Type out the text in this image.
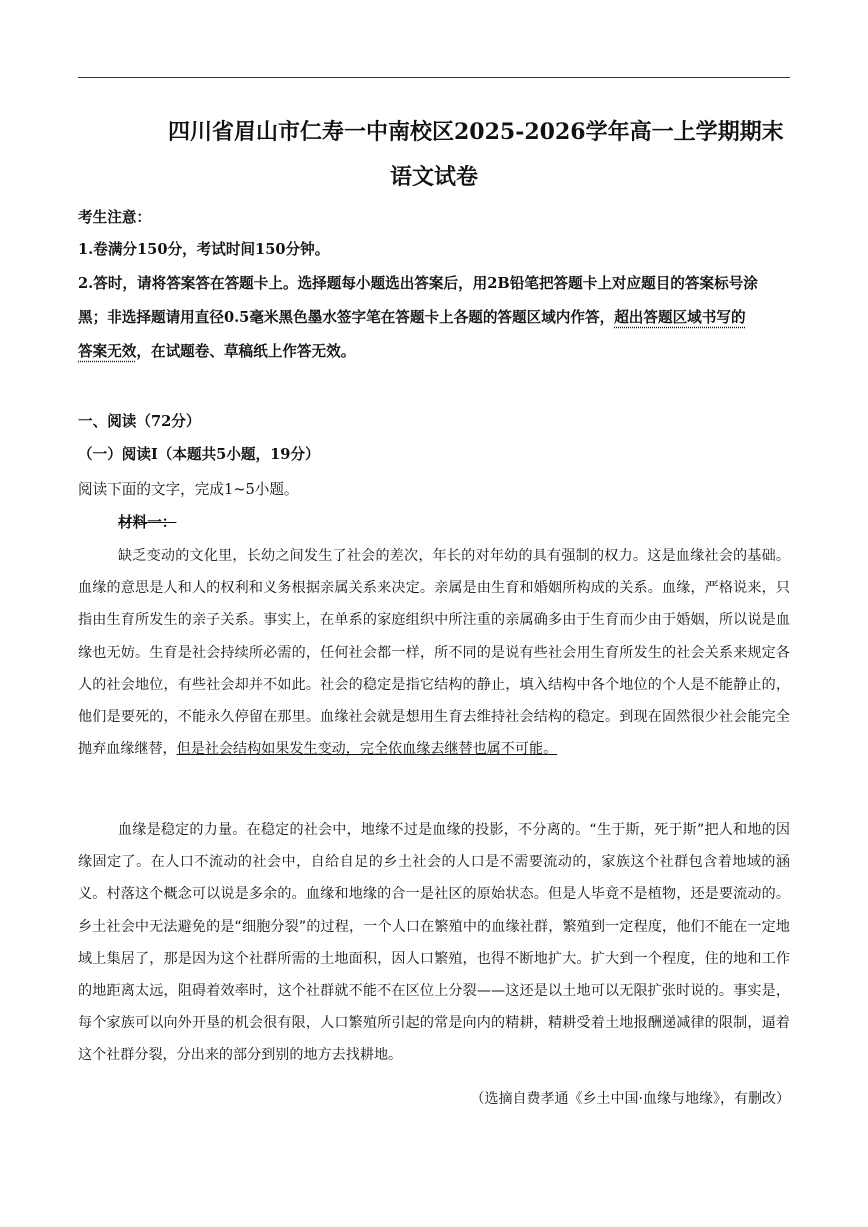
四川省眉山市仁寿一中南校区2025-2026学年高一上学期期末
语文试卷

考生注意：

1.卷满分150分，考试时间150分钟。

2.答时，请将答案答在答题卡上。选择题每小题选出答案后，用2B铅笔把答题卡上对应题目的答案标号涂

黑；非选择题请用直径0.5毫米黑色墨水签字笔在答题卡上各题的答题区域内作答，超出答题区域书写的

答案无效，在试题卷、草稿纸上作答无效。

一、阅读（72分）

（一）阅读Ⅰ（本题共5小题，19分）

阅读下面的文字，完成1~5小题。

材料一：

缺乏变动的文化里，长幼之间发生了社会的差次，年长的对年幼的具有强制的权力。这是血缘社会的基础。血缘的意思是人和人的权利和义务根据亲属关系来决定。亲属是由生育和婚姻所构成的关系。血缘，严格说来，只指由生育所发生的亲子关系。事实上，在单系的家庭组织中所注重的亲属确多由于生育而少由于婚姻，所以说是血缘也无妨。生育是社会持续所必需的，任何社会都一样，所不同的是说有些社会用生育所发生的社会关系来规定各人的社会地位，有些社会却并不如此。社会的稳定是指它结构的静止，填入结构中各个地位的个人是不能静止的，他们是要死的，不能永久停留在那里。血缘社会就是想用生育去维持社会结构的稳定。到现在固然很少社会能完全抛弃血缘继替，但是社会结构如果发生变动，完全依血缘去继替也属不可能。

血缘是稳定的力量。在稳定的社会中，地缘不过是血缘的投影，不分离的。“生于斯，死于斯”把人和地的因缘固定了。在人口不流动的社会中，自给自足的乡土社会的人口是不需要流动的，家族这个社群包含着地域的涵义。村落这个概念可以说是多余的。血缘和地缘的合一是社区的原始状态。但是人毕竟不是植物，还是要流动的。乡土社会中无法避免的是“细胞分裂”的过程，一个人口在繁殖中的血缘社群，繁殖到一定程度，他们不能在一定地域上集居了，那是因为这个社群所需的土地面积，因人口繁殖，也得不断地扩大。扩大到一个程度，住的地和工作的地距离太远，阻碍着效率时，这个社群就不能不在区位上分裂——这还是以土地可以无限扩张时说的。事实是，每个家族可以向外开垦的机会很有限，人口繁殖所引起的常是向内的精耕，精耕受着土地报酬递减律的限制，逼着这个社群分裂，分出来的部分到别的地方去找耕地。

（选摘自费孝通《乡土中国·血缘与地缘》，有删改）
